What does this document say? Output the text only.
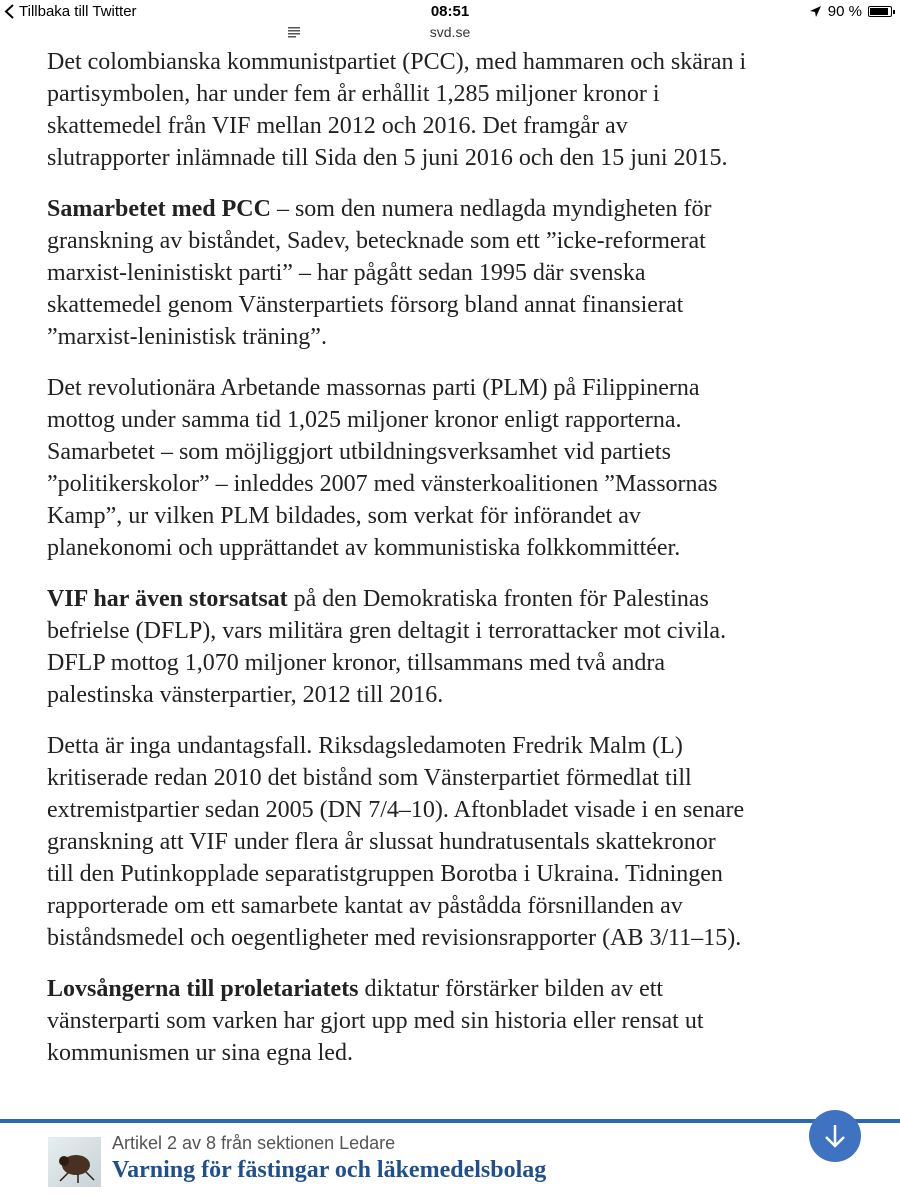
Tillbaka till Twitter	08:51	90 %
svd.se

Det colombianska kommunistpartiet (PCC), med hammaren och skäran i partisymbolen, har under fem år erhållit 1,285 miljoner kronor i skattemedel från VIF mellan 2012 och 2016. Det framgår av slutrapporter inlämnade till Sida den 5 juni 2016 och den 15 juni 2015.

Samarbetet med PCC – som den numera nedlagda myndigheten för granskning av biståndet, Sadev, betecknade som ett ”icke-reformerat marxist-leninistiskt parti” – har pågått sedan 1995 där svenska skattemedel genom Vänsterpartiets försorg bland annat finansierat ”marxist-leninistisk träning”.

Det revolutionära Arbetande massornas parti (PLM) på Filippinerna mottog under samma tid 1,025 miljoner kronor enligt rapporterna. Samarbetet – som möjliggjort utbildningsverksamhet vid partiets ”politikerskolor” – inleddes 2007 med vänsterkoalitionen ”Massornas Kamp”, ur vilken PLM bildades, som verkat för införandet av planekonomi och upprättandet av kommunistiska folkkommittéer.

VIF har även storsatsat på den Demokratiska fronten för Palestinas befrielse (DFLP), vars militära gren deltagit i terrorattacker mot civila. DFLP mottog 1,070 miljoner kronor, tillsammans med två andra palestinska vänsterpartier, 2012 till 2016.

Detta är inga undantagsfall. Riksdagsledamoten Fredrik Malm (L) kritiserade redan 2010 det bistånd som Vänsterpartiet förmedlat till extremistpartier sedan 2005 (DN 7/4–10). Aftonbladet visade i en senare granskning att VIF under flera år slussat hundratusentals skattekronor till den Putinkopplade separatistgruppen Borotba i Ukraina. Tidningen rapporterade om ett samarbete kantat av påstådda försnillanden av biståndsmedel och oegentligheter med revisionsrapporter (AB 3/11–15).

Lovsångerna till proletariatets diktatur förstärker bilden av ett vänsterparti som varken har gjort upp med sin historia eller rensat ut kommunismen ur sina egna led.

Artikel 2 av 8 från sektionen Ledare
Varning för fästingar och läkemedelsbolag
